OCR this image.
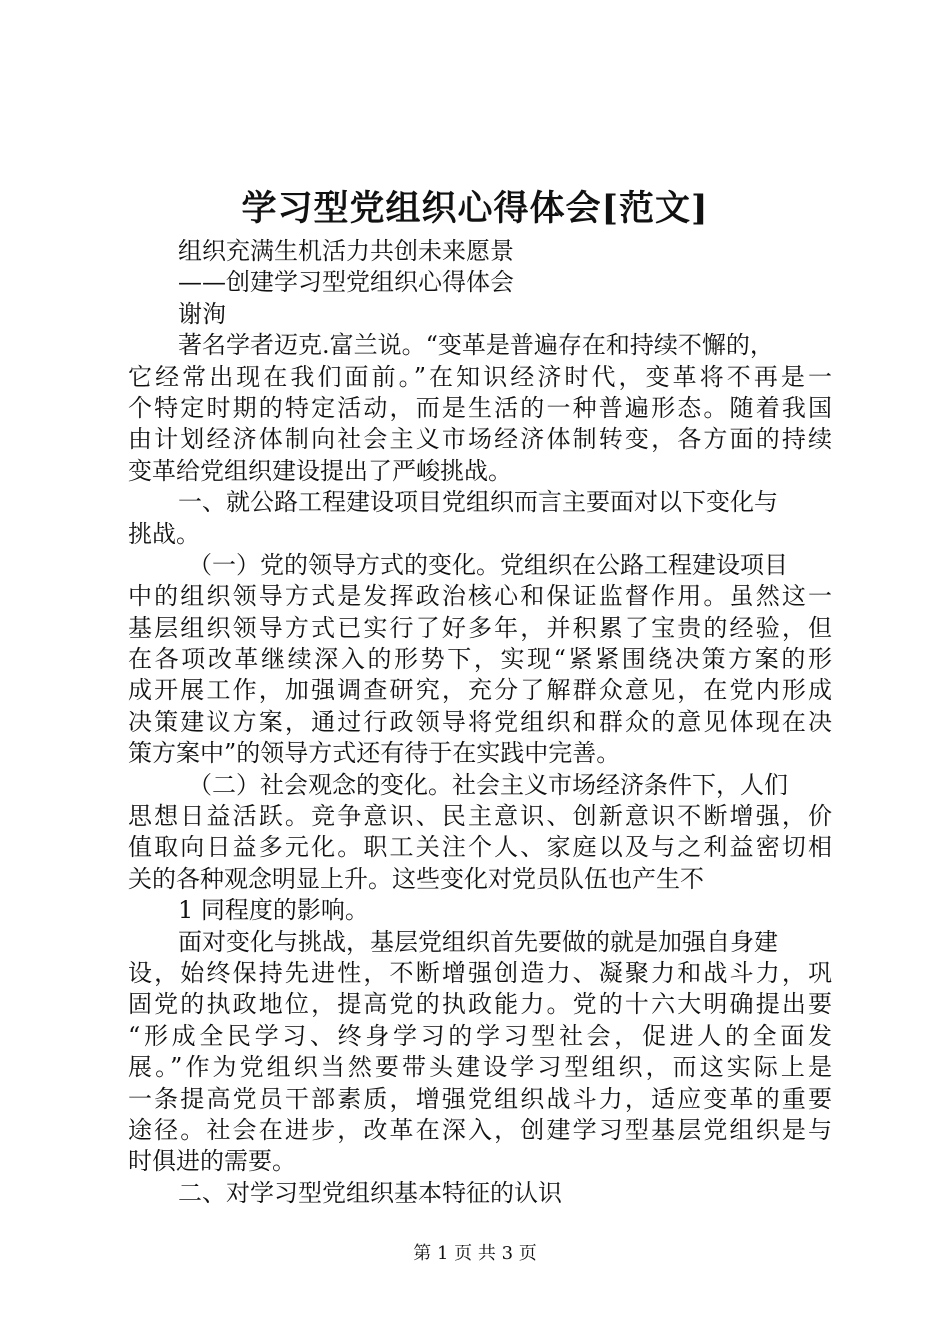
学习型党组织心得体会[范文]
组织充满生机活力共创未来愿景
——创建学习型党组织心得体会
谢洵
著名学者迈克.富兰说。“变革是普遍存在和持续不懈的，
它经常出现在我们面前。”在知识经济时代，变革将不再是一
个特定时期的特定活动，而是生活的一种普遍形态。随着我国
由计划经济体制向社会主义市场经济体制转变，各方面的持续
变革给党组织建设提出了严峻挑战。
一、就公路工程建设项目党组织而言主要面对以下变化与
挑战。
（一）党的领导方式的变化。党组织在公路工程建设项目
中的组织领导方式是发挥政治核心和保证监督作用。虽然这一
基层组织领导方式已实行了好多年，并积累了宝贵的经验，但
在各项改革继续深入的形势下，实现“紧紧围绕决策方案的形
成开展工作，加强调查研究，充分了解群众意见，在党内形成
决策建议方案，通过行政领导将党组织和群众的意见体现在决
策方案中”的领导方式还有待于在实践中完善。
（二）社会观念的变化。社会主义市场经济条件下，人们
思想日益活跃。竞争意识、民主意识、创新意识不断增强，价
值取向日益多元化。职工关注个人、家庭以及与之利益密切相
关的各种观念明显上升。这些变化对党员队伍也产生不
1 同程度的影响。
面对变化与挑战，基层党组织首先要做的就是加强自身建
设，始终保持先进性，不断增强创造力、凝聚力和战斗力，巩
固党的执政地位，提高党的执政能力。党的十六大明确提出要
“形成全民学习、终身学习的学习型社会，促进人的全面发
展。”作为党组织当然要带头建设学习型组织，而这实际上是
一条提高党员干部素质，增强党组织战斗力，适应变革的重要
途径。社会在进步，改革在深入，创建学习型基层党组织是与
时俱进的需要。
二、对学习型党组织基本特征的认识
第 1 页 共 3 页
